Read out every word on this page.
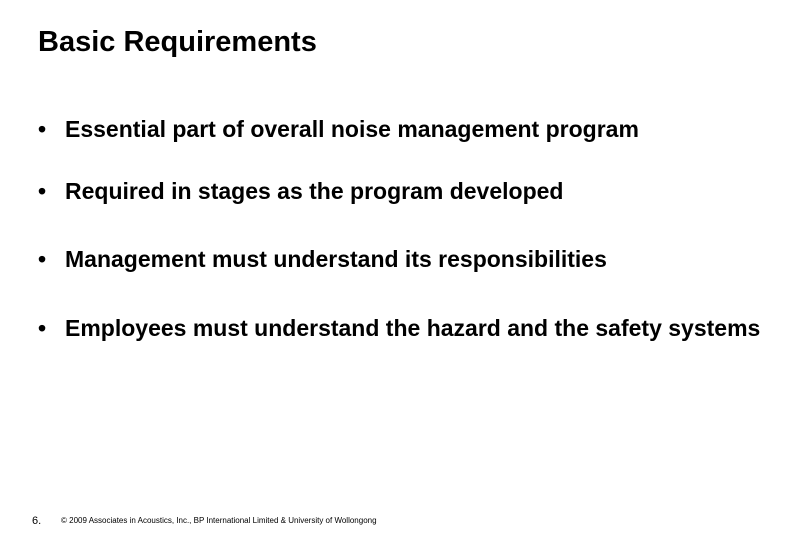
Basic Requirements
• Essential part of overall noise management program
• Required in stages as the program developed
• Management must understand its responsibilities
• Employees must understand the hazard and the safety systems
6. © 2009 Associates in Acoustics, Inc., BP International Limited & University of Wollongong
